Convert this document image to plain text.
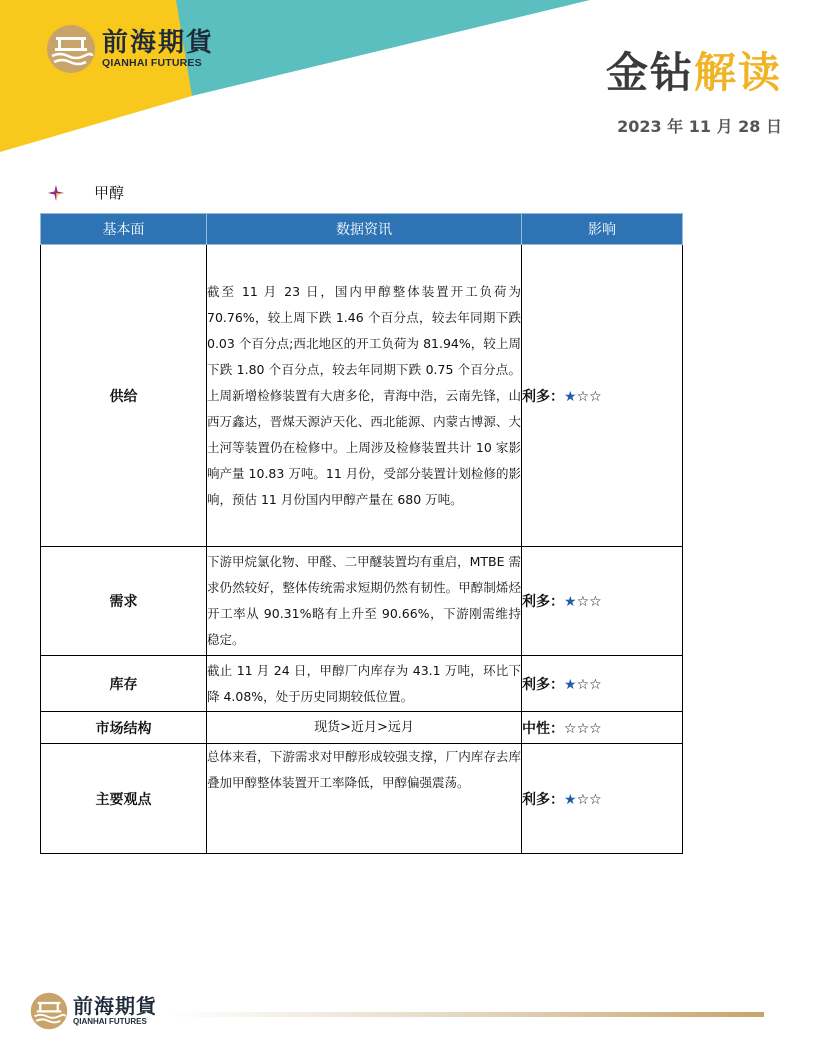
前海期貨
QIANHAI FUTURES	金钻解读
2023 年 11 月 28 日
甲醇
基本面	数据资讯	影响
供给	截至 11 月 23 日，国内甲醇整体装置开工负荷为 70.76%，较上周下跌 1.46 个百分点，较去年同期下跌 0.03 个百分点;西北地区的开工负荷为 81.94%，较上周下跌 1.80 个百分点，较去年同期下跌 0.75 个百分点。上周新增检修装置有大唐多伦，青海中浩，云南先锋，山西万鑫达，晋煤天源泸天化、西北能源、内蒙古博源、大土河等装置仍在检修中。上周涉及检修装置共计 10 家影响产量 10.83 万吨。11 月份，受部分装置计划检修的影响，预估 11 月份国内甲醇产量在 680 万吨。	利多：★☆☆
需求	下游甲烷氯化物、甲醛、二甲醚装置均有重启，MTBE 需求仍然较好，整体传统需求短期仍然有韧性。甲醇制烯烃开工率从 90.31%略有上升至 90.66%，下游刚需维持稳定。	利多：★☆☆
库存	截止 11 月 24 日，甲醇厂内库存为 43.1 万吨，环比下降 4.08%，处于历史同期较低位置。	利多：★☆☆
市场结构	现货>近月>远月	中性：☆☆☆
主要观点	总体来看，下游需求对甲醇形成较强支撑，厂内库存去库叠加甲醇整体装置开工率降低，甲醇偏强震荡。	利多：★☆☆
前海期貨
QIANHAI FUTURES
